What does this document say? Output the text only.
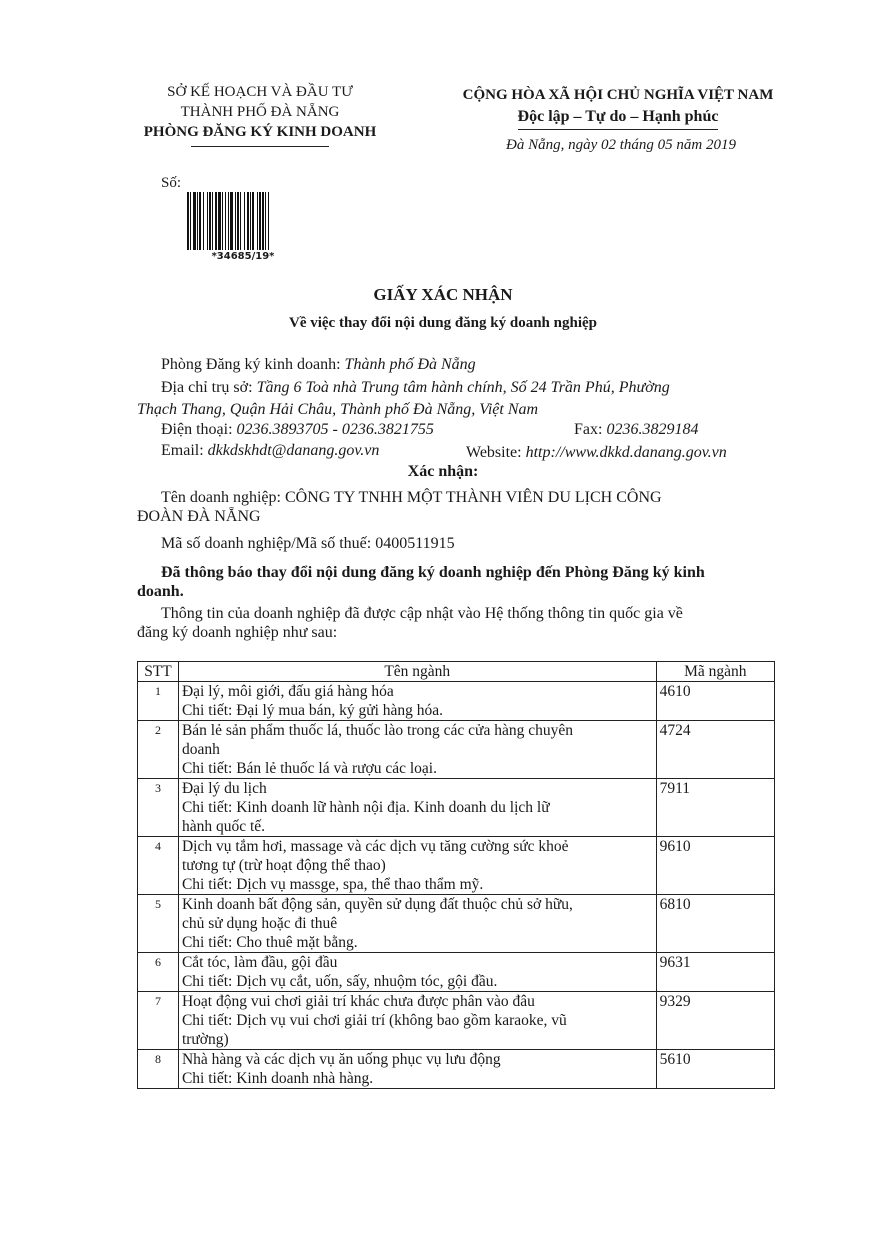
SỞ KẾ HOẠCH VÀ ĐẦU TƯ
THÀNH PHỐ ĐÀ NẴNG
PHÒNG ĐĂNG KÝ KINH DOANH
CỘNG HÒA XÃ HỘI CHỦ NGHĨA VIỆT NAM
Độc lập – Tự do – Hạnh phúc
Đà Nẵng, ngày 02 tháng 05 năm 2019
Số:
*34685/19*
GIẤY XÁC NHẬN
Về việc thay đổi nội dung đăng ký doanh nghiệp
Phòng Đăng ký kinh doanh: Thành phố Đà Nẵng
Địa chỉ trụ sở: Tầng 6 Toà nhà Trung tâm hành chính, Số 24 Trần Phú, Phường
Thạch Thang, Quận Hải Châu, Thành phố Đà Nẵng, Việt Nam
Điện thoại: 0236.3893705 - 0236.3821755	Fax: 0236.3829184
Email: dkkdskhdt@danang.gov.vn	Website: http://www.dkkd.danang.gov.vn
Xác nhận:
Tên doanh nghiệp: CÔNG TY TNHH MỘT THÀNH VIÊN DU LỊCH CÔNG
ĐOÀN ĐÀ NẴNG
Mã số doanh nghiệp/Mã số thuế: 0400511915
Đã thông báo thay đổi nội dung đăng ký doanh nghiệp đến Phòng Đăng ký kinh
doanh.
Thông tin của doanh nghiệp đã được cập nhật vào Hệ thống thông tin quốc gia về
đăng ký doanh nghiệp như sau:
STT	Tên ngành	Mã ngành
1	Đại lý, môi giới, đấu giá hàng hóa
Chi tiết: Đại lý mua bán, ký gửi hàng hóa.	4610
2	Bán lẻ sản phẩm thuốc lá, thuốc lào trong các cửa hàng chuyên
doanh
Chi tiết: Bán lẻ thuốc lá và rượu các loại.	4724
3	Đại lý du lịch
Chi tiết: Kinh doanh lữ hành nội địa. Kinh doanh du lịch lữ
hành quốc tế.	7911
4	Dịch vụ tắm hơi, massage và các dịch vụ tăng cường sức khoẻ
tương tự (trừ hoạt động thể thao)
Chi tiết: Dịch vụ massge, spa, thể thao thẩm mỹ.	9610
5	Kinh doanh bất động sản, quyền sử dụng đất thuộc chủ sở hữu,
chủ sử dụng hoặc đi thuê
Chi tiết: Cho thuê mặt bằng.	6810
6	Cắt tóc, làm đầu, gội đầu
Chi tiết: Dịch vụ cắt, uốn, sấy, nhuộm tóc, gội đầu.	9631
7	Hoạt động vui chơi giải trí khác chưa được phân vào đâu
Chi tiết: Dịch vụ vui chơi giải trí (không bao gồm karaoke, vũ
trường)	9329
8	Nhà hàng và các dịch vụ ăn uống phục vụ lưu động
Chi tiết: Kinh doanh nhà hàng.	5610
